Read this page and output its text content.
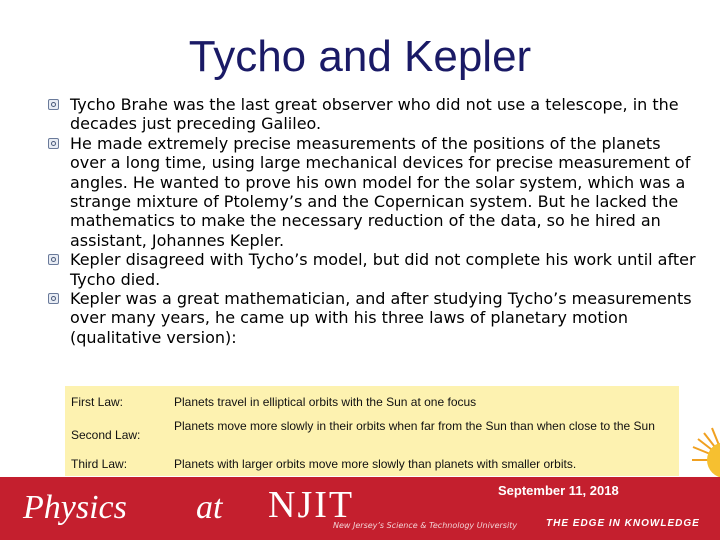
Tycho and Kepler
Tycho Brahe was the last great observer who did not use a telescope, in the decades just preceding Galileo.
He made extremely precise measurements of the positions of the planets over a long time, using large mechanical devices for precise measurement of angles. He wanted to prove his own model for the solar system, which was a strange mixture of Ptolemy’s and the Copernican system. But he lacked the mathematics to make the necessary reduction of the data, so he hired an assistant, Johannes Kepler.
Kepler disagreed with Tycho’s model, but did not complete his work until after Tycho died.
Kepler was a great mathematician, and after studying Tycho’s measurements over many years, he came up with his three laws of planetary motion (qualitative version):
First Law:	Planets travel in elliptical orbits with the Sun at one focus
Second Law:
Planets move more slowly in their orbits when far from the Sun than when close to the Sun
Third Law:	Planets with larger orbits move more slowly than planets with smaller orbits.
Physics at NJIT
New Jersey’s Science & Technology University
September 11, 2018
THE EDGE IN KNOWLEDGE
